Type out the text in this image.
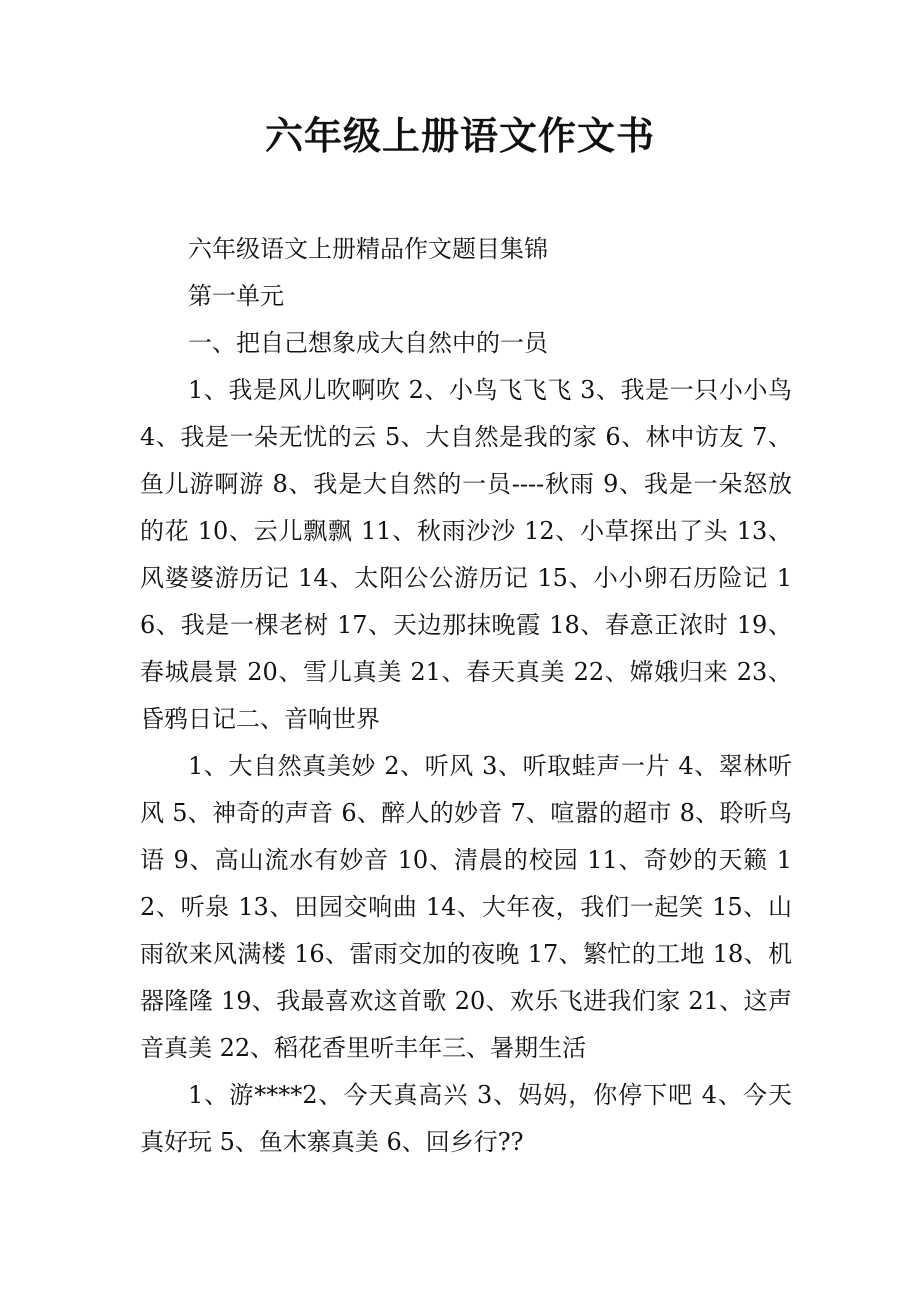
六年级上册语文作文书

六年级语文上册精品作文题目集锦

第一单元

一、把自己想象成大自然中的一员

1、我是风儿吹啊吹 2、小鸟飞飞飞 3、我是一只小小鸟 4、我是一朵无忧的云 5、大自然是我的家 6、林中访友 7、鱼儿游啊游 8、我是大自然的一员----秋雨 9、我是一朵怒放的花 10、云儿飘飘 11、秋雨沙沙 12、小草探出了头 13、风婆婆游历记 14、太阳公公游历记 15、小小卵石历险记 16、我是一棵老树 17、天边那抹晚霞 18、春意正浓时 19、春城晨景 20、雪儿真美 21、春天真美 22、嫦娥归来 23、昏鸦日记二、音响世界

1、大自然真美妙 2、听风 3、听取蛙声一片 4、翠林听风 5、神奇的声音 6、醉人的妙音 7、喧嚣的超市 8、聆听鸟语 9、高山流水有妙音 10、清晨的校园 11、奇妙的天籁 12、听泉 13、田园交响曲 14、大年夜，我们一起笑 15、山雨欲来风满楼 16、雷雨交加的夜晚 17、繁忙的工地 18、机器隆隆 19、我最喜欢这首歌 20、欢乐飞进我们家 21、这声音真美 22、稻花香里听丰年三、暑期生活

1、游****2、今天真高兴 3、妈妈，你停下吧 4、今天真好玩 5、鱼木寨真美 6、回乡行??
